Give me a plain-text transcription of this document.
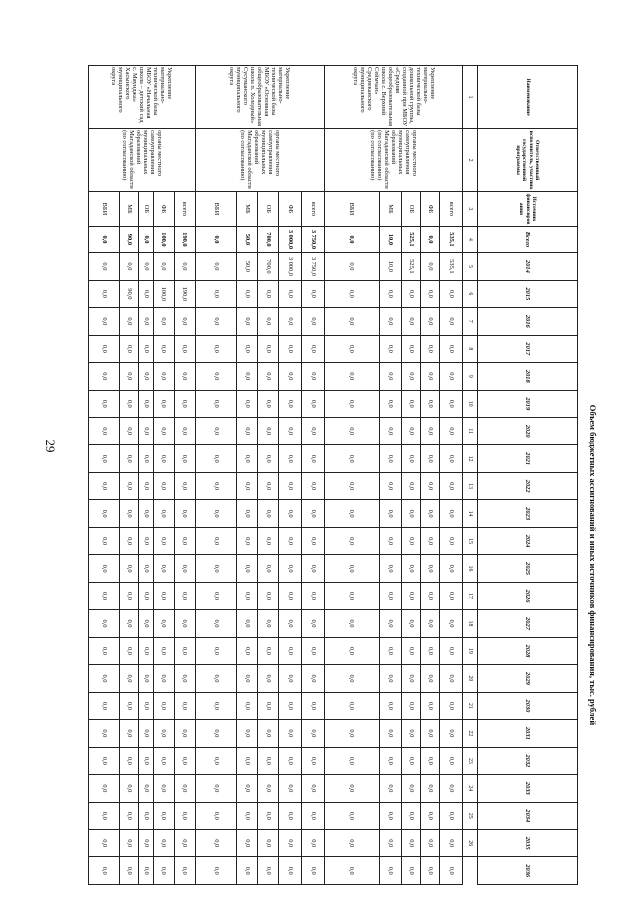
29	Объем бюджетных ассигнований и иных источников финансирования, тыс. рублей
Наименование	Ответственный исполнитель, участник государственной программы	Источник финансирования	Всего	2014	2015	2016	2017	2018	2019	2020	2021	2022	2023	2024	2025	2026	2027	2028	2029	2030	2031	2032	2033	2034	2035	2036
1	2	3	4	5	6	7	8	9	10	11	12	13	14	15	16	17	18	19	20	21	22	23	24	25	26	
Укрепление материально-технической базы дошкольной группы, созданной при МБОУ «Средняя общеобразовательная школа с. Верхний Сеймчан» Среднеканского муниципального округа	органы местного самоуправления муниципальных образований Магаданской области (по согласованию) (по согласованию)	всего	535,1	535,1	0,0	0,0	0,0	0,0	0,0	0,0	0,0	0,0	0,0	0,0	0,0	0,0	0,0	0,0	0,0	0,0	0,0	0,0	0,0	0,0	0,0	0,0
		ФБ	0,0	0,0	0,0	0,0	0,0	0,0	0,0	0,0	0,0	0,0	0,0	0,0	0,0	0,0	0,0	0,0	0,0	0,0	0,0	0,0	0,0	0,0	0,0	0,0
		ОБ	525,1	525,1	0,0	0,0	0,0	0,0	0,0	0,0	0,0	0,0	0,0	0,0	0,0	0,0	0,0	0,0	0,0	0,0	0,0	0,0	0,0	0,0	0,0	0,0
		МБ	10,0	10,0	0,0	0,0	0,0	0,0	0,0	0,0	0,0	0,0	0,0	0,0	0,0	0,0	0,0	0,0	0,0	0,0	0,0	0,0	0,0	0,0	0,0	0,0
		ВБИ	0,0	0,0	0,0	0,0	0,0	0,0	0,0	0,0	0,0	0,0	0,0	0,0	0,0	0,0	0,0	0,0	0,0	0,0	0,0	0,0	0,0	0,0	0,0	0,0
Укрепление материально-технической базы МБОУ «Основная общеобразовательная школа п. Холодный» Сусуманского муниципального округа	органы местного самоуправления муниципальных образований Магаданской области (по согласованию)	всего	3 750,0	3 750,0	0,0	0,0	0,0	0,0	0,0	0,0	0,0	0,0	0,0	0,0	0,0	0,0	0,0	0,0	0,0	0,0	0,0	0,0	0,0	0,0	0,0	0,0
		ФБ	3 000,0	3 000,0	0,0	0,0	0,0	0,0	0,0	0,0	0,0	0,0	0,0	0,0	0,0	0,0	0,0	0,0	0,0	0,0	0,0	0,0	0,0	0,0	0,0	0,0
		ОБ	700,0	700,0	0,0	0,0	0,0	0,0	0,0	0,0	0,0	0,0	0,0	0,0	0,0	0,0	0,0	0,0	0,0	0,0	0,0	0,0	0,0	0,0	0,0	0,0
		МБ	50,0	50,0	0,0	0,0	0,0	0,0	0,0	0,0	0,0	0,0	0,0	0,0	0,0	0,0	0,0	0,0	0,0	0,0	0,0	0,0	0,0	0,0	0,0	0,0
		ВБИ	0,0	0,0	0,0	0,0	0,0	0,0	0,0	0,0	0,0	0,0	0,0	0,0	0,0	0,0	0,0	0,0	0,0	0,0	0,0	0,0	0,0	0,0	0,0	0,0
Укрепление материально-технической базы МБОУ «Начальная школа – детский сад с. Мяунджа» Хасынского муниципального округа	органы местного самоуправления муниципальных образований Магаданской области (по согласованию)	всего	190,0	0,0	190,0	0,0	0,0	0,0	0,0	0,0	0,0	0,0	0,0	0,0	0,0	0,0	0,0	0,0	0,0	0,0	0,0	0,0	0,0	0,0	0,0	0,0
		ФБ	100,0	0,0	100,0	0,0	0,0	0,0	0,0	0,0	0,0	0,0	0,0	0,0	0,0	0,0	0,0	0,0	0,0	0,0	0,0	0,0	0,0	0,0	0,0	0,0
		ОБ	0,0	0,0	0,0	0,0	0,0	0,0	0,0	0,0	0,0	0,0	0,0	0,0	0,0	0,0	0,0	0,0	0,0	0,0	0,0	0,0	0,0	0,0	0,0	0,0
		МБ	90,0	0,0	90,0	0,0	0,0	0,0	0,0	0,0	0,0	0,0	0,0	0,0	0,0	0,0	0,0	0,0	0,0	0,0	0,0	0,0	0,0	0,0	0,0	0,0
		ВБИ	0,0	0,0	0,0	0,0	0,0	0,0	0,0	0,0	0,0	0,0	0,0	0,0	0,0	0,0	0,0	0,0	0,0	0,0	0,0	0,0	0,0	0,0	0,0	0,0
